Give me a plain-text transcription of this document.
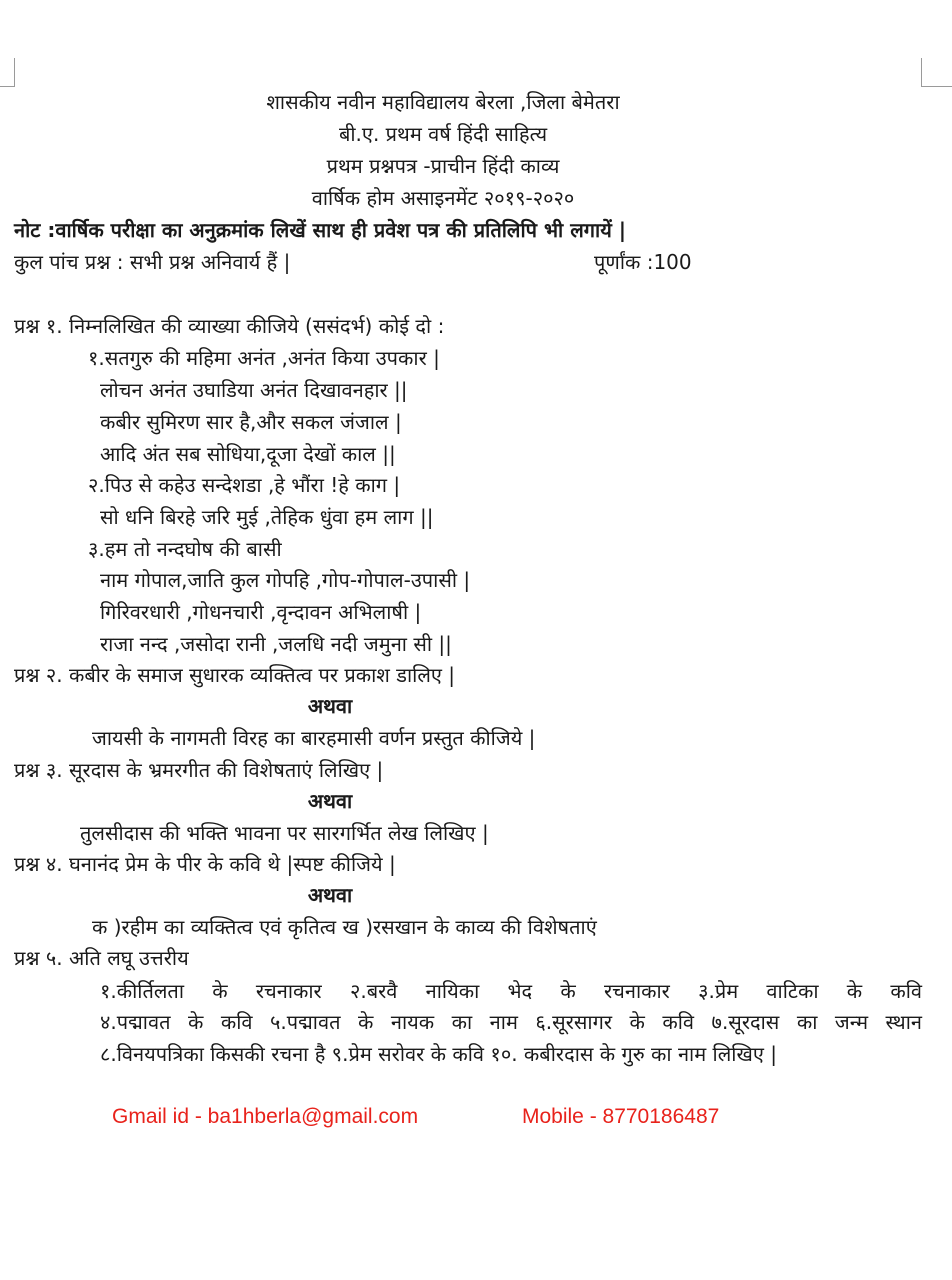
शासकीय नवीन महाविद्यालय बेरला ,जिला बेमेतरा
बी.ए. प्रथम वर्ष हिंदी साहित्य
प्रथम प्रश्नपत्र -प्राचीन हिंदी काव्य
वार्षिक होम असाइनमेंट २०१९-२०२०
नोट :वार्षिक परीक्षा का अनुक्रमांक लिखें साथ ही प्रवेश पत्र की प्रतिलिपि भी लगायें |
कुल पांच प्रश्न : सभी प्रश्न अनिवार्य हैं |	पूर्णांक :100
प्रश्न १. निम्नलिखित की व्याख्या कीजिये (ससंदर्भ) कोई दो :
१.सतगुरु की महिमा अनंत ,अनंत किया उपकार |
लोचन अनंत उघाडिया अनंत दिखावनहार ||
कबीर सुमिरण सार है,और सकल जंजाल |
आदि अंत सब सोधिया,दूजा देखों काल ||
२.पिउ से कहेउ सन्देशडा ,हे भौंरा !हे काग |
सो धनि बिरहे जरि मुई ,तेहिक धुंवा हम लाग ||
३.हम तो नन्दघोष की बासी
नाम गोपाल,जाति कुल गोपहि ,गोप-गोपाल-उपासी |
गिरिवरधारी ,गोधनचारी ,वृन्दावन अभिलाषी |
राजा नन्द ,जसोदा रानी ,जलधि नदी जमुना सी ||
प्रश्न २. कबीर के समाज सुधारक व्यक्तित्व पर प्रकाश डालिए |
अथवा
जायसी के नागमती विरह का बारहमासी वर्णन प्रस्तुत कीजिये |
प्रश्न ३. सूरदास के भ्रमरगीत की विशेषताएं लिखिए |
अथवा
तुलसीदास की भक्ति भावना पर सारगर्भित लेख लिखिए |
प्रश्न ४. घनानंद प्रेम के पीर के कवि थे |स्पष्ट कीजिये |
अथवा
क )रहीम का व्यक्तित्व एवं कृतित्व ख )रसखान के काव्य की विशेषताएं
प्रश्न ५. अति लघू उत्तरीय
१.कीर्तिलता के रचनाकार २.बरवै नायिका भेद के रचनाकार ३.प्रेम वाटिका के कवि
४.पद्मावत के कवि ५.पद्मावत के नायक का नाम ६.सूरसागर के कवि ७.सूरदास का जन्म स्थान
८.विनयपत्रिका किसकी रचना है ९.प्रेम सरोवर के कवि १०. कबीरदास के गुरु का नाम लिखिए |
Gmail id - ba1hberla@gmail.com	Mobile - 8770186487
